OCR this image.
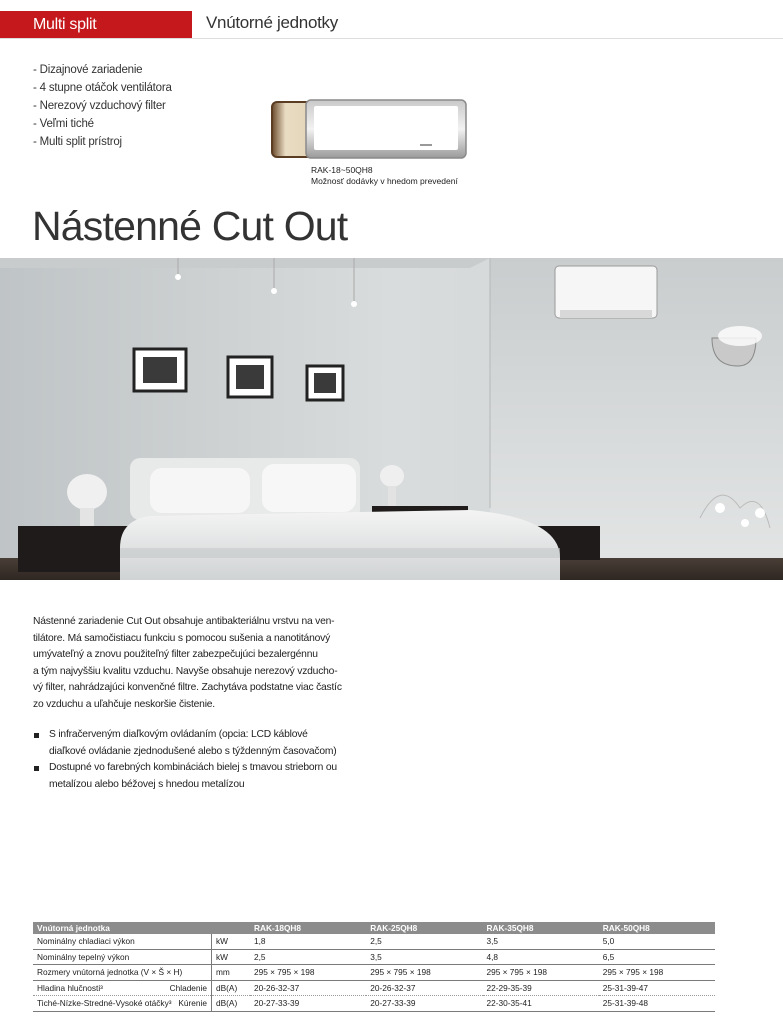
Multi split	Vnútorné jednotky
- Dizajnové zariadenie
- 4 stupne otáčok ventilátora
- Nerezový vzduchový filter
- Veľmi tiché
- Multi split prístroj
RAK-18~50QH8
Možnosť dodávky v hnedom prevedení
Nástenné Cut Out
Nástenné zariadenie Cut Out obsahuje antibakteriálnu vrstvu na ven-
tilátore. Má samočistiacu funkciu s pomocou sušenia a nanotitánový
umývateľný a znovu použiteľný filter zabezpečujúci bezalergénnu
a tým najvyššiu kvalitu vzduchu. Navyše obsahuje nerezový vzducho-
vý filter, nahrádzajúci konvenčné filtre. Zachytáva podstatne viac častíc
zo vzduchu a uľahčuje neskoršie čistenie.
S infračerveným diaľkovým ovládaním (opcia: LCD káblové
diaľkové ovládanie zjednodušené alebo s týždenným časovačom)
Dostupné vo farebných kombináciách bielej s tmavou strieborn ou
metalízou alebo béžovej s hnedou metalízou
Vnútorná jednotka		RAK-18QH8	RAK-25QH8	RAK-35QH8	RAK-50QH8
Nominálny chladiaci výkon	kW	1,8	2,5	3,5	5,0
Nominálny tepelný výkon	kW	2,5	3,5	4,8	6,5
Rozmery vnútorná jednotka (V × Š × H)	mm	295 × 795 × 198	295 × 795 × 198	295 × 795 × 198	295 × 795 × 198
Hladina hlučnosti³ Chladenie	dB(A)	20-26-32-37	20-26-32-37	22-29-35-39	25-31-39-47
Tiché-Nízke-Stredné-Vysoké otáčky³ Kúrenie	dB(A)	20-27-33-39	20-27-33-39	22-30-35-41	25-31-39-48
